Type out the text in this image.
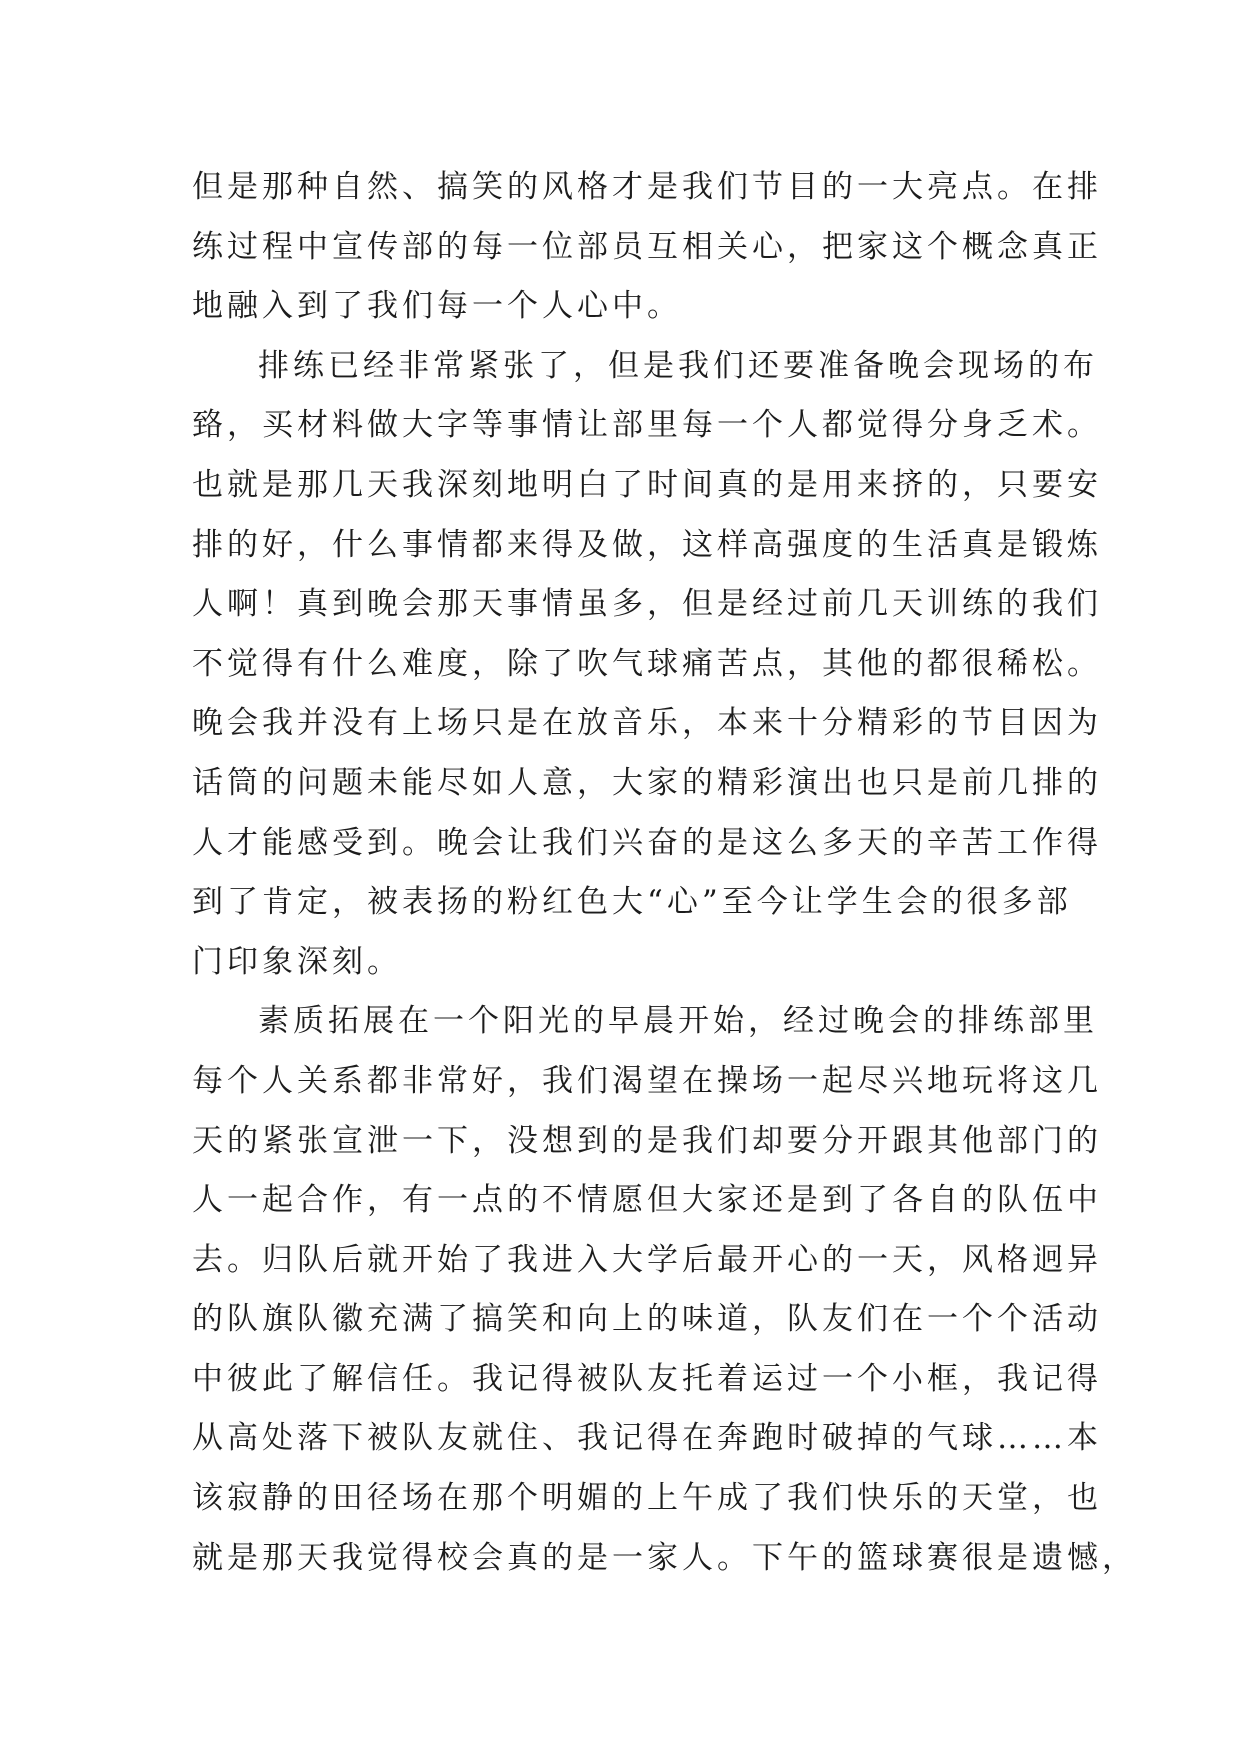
但是那种自然、搞笑的风格才是我们节目的一大亮点。在排
练过程中宣传部的每一位部员互相关心，把家这个概念真正
地融入到了我们每一个人心中。
排练已经非常紧张了，但是我们还要准备晚会现场的布
臵，买材料做大字等事情让部里每一个人都觉得分身乏术。
也就是那几天我深刻地明白了时间真的是用来挤的，只要安
排的好，什么事情都来得及做，这样高强度的生活真是锻炼
人啊！真到晚会那天事情虽多，但是经过前几天训练的我们
不觉得有什么难度，除了吹气球痛苦点，其他的都很稀松。
晚会我并没有上场只是在放音乐，本来十分精彩的节目因为
话筒的问题未能尽如人意，大家的精彩演出也只是前几排的
人才能感受到。晚会让我们兴奋的是这么多天的辛苦工作得
到了肯定，被表扬的粉红色大“心”至今让学生会的很多部
门印象深刻。
素质拓展在一个阳光的早晨开始，经过晚会的排练部里
每个人关系都非常好，我们渴望在操场一起尽兴地玩将这几
天的紧张宣泄一下，没想到的是我们却要分开跟其他部门的
人一起合作，有一点的不情愿但大家还是到了各自的队伍中
去。归队后就开始了我进入大学后最开心的一天，风格迥异
的队旗队徽充满了搞笑和向上的味道，队友们在一个个活动
中彼此了解信任。我记得被队友托着运过一个小框，我记得
从高处落下被队友就住、我记得在奔跑时破掉的气球……本
该寂静的田径场在那个明媚的上午成了我们快乐的天堂，也
就是那天我觉得校会真的是一家人。下午的篮球赛很是遗憾，
